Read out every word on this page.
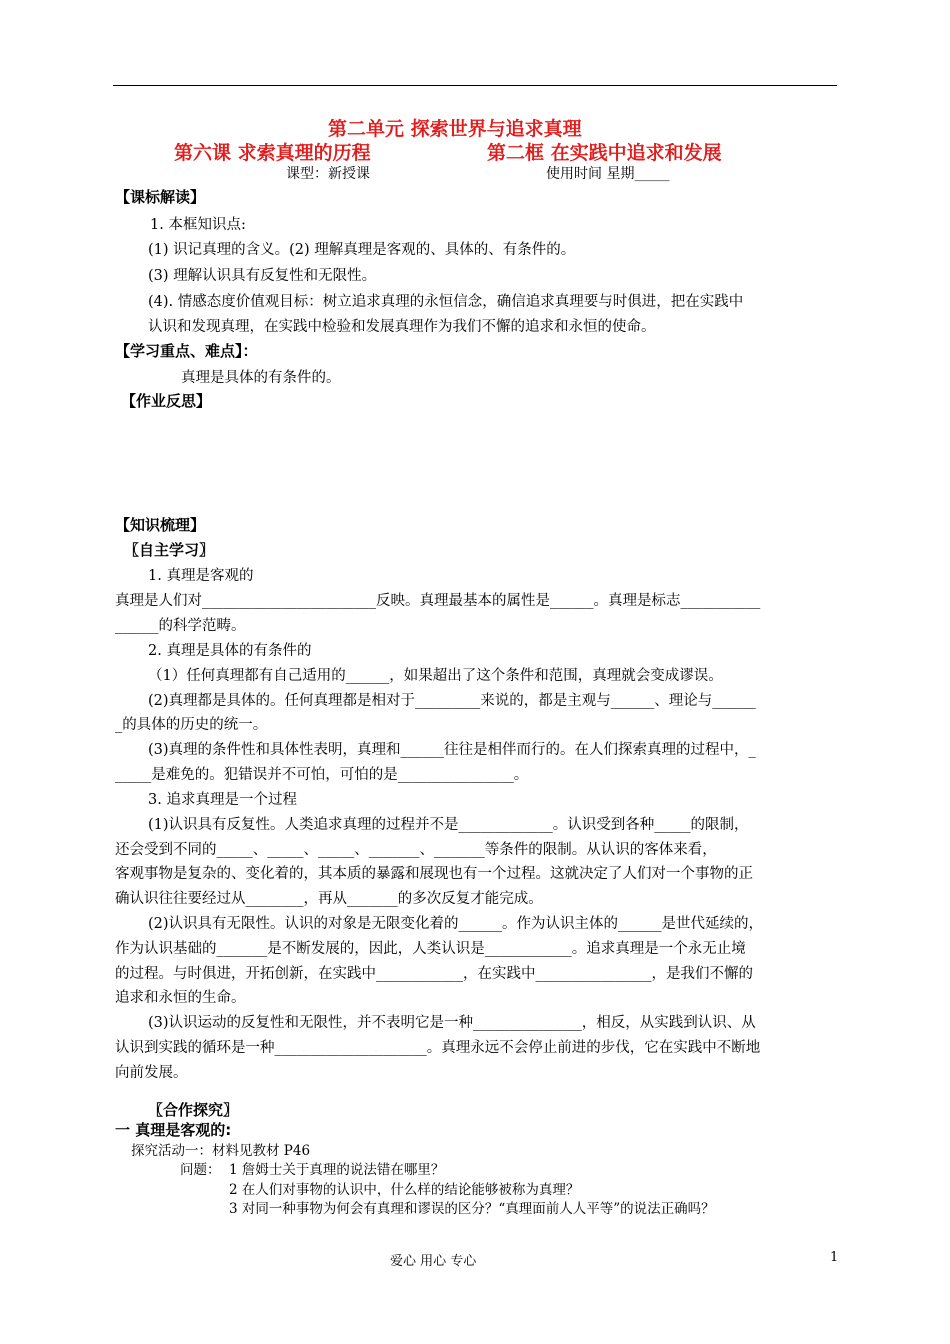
第二单元 探索世界与追求真理
第六课 求索真理的历程	第二框 在实践中追求和发展
课型：新授课	使用时间 星期_____
【课标解读】
1. 本框知识点:
(1) 识记真理的含义。(2) 理解真理是客观的、具体的、有条件的。
(3) 理解认识具有反复性和无限性。
(4). 情感态度价值观目标：树立追求真理的永恒信念，确信追求真理要与时俱进，把在实践中
认识和发现真理，在实践中检验和发展真理作为我们不懈的追求和永恒的使命。
【学习重点、难点】：
真理是具体的有条件的。
【作业反思】
【知识梳理】
〖自主学习〗
1. 真理是客观的
真理是人们对________________________反映。真理最基本的属性是______。真理是标志___________
______的科学范畴。
2. 真理是具体的有条件的
（1）任何真理都有自己适用的______，如果超出了这个条件和范围，真理就会变成谬误。
(2)真理都是具体的。任何真理都是相对于_________来说的，都是主观与______、理论与______
_的具体的历史的统一。
(3)真理的条件性和具体性表明，真理和______往往是相伴而行的。在人们探索真理的过程中，_
_____是难免的。犯错误并不可怕，可怕的是________________。
3. 追求真理是一个过程
(1)认识具有反复性。人类追求真理的过程并不是_____________。认识受到各种_____的限制，
还会受到不同的_____、_____、_____、_______、_______等条件的限制。从认识的客体来看，
客观事物是复杂的、变化着的，其本质的暴露和展现也有一个过程。这就决定了人们对一个事物的正
确认识往往要经过从________，再从_______的多次反复才能完成。
(2)认识具有无限性。认识的对象是无限变化着的______。作为认识主体的______是世代延续的，
作为认识基础的_______是不断发展的，因此，人类认识是____________。追求真理是一个永无止境
的过程。与时俱进，开拓创新，在实践中____________，在实践中________________，是我们不懈的
追求和永恒的生命。
(3)认识运动的反复性和无限性，并不表明它是一种_______________，相反，从实践到认识、从
认识到实践的循环是一种_____________________。真理永远不会停止前进的步伐，它在实践中不断地
向前发展。
〖合作探究〗
一 真理是客观的:
探究活动一：材料见教材 P46
问题： 1 詹姆士关于真理的说法错在哪里？
2 在人们对事物的认识中，什么样的结论能够被称为真理？
3 对同一种事物为何会有真理和谬误的区分？“真理面前人人平等”的说法正确吗？
爱心 用心 专心	1
